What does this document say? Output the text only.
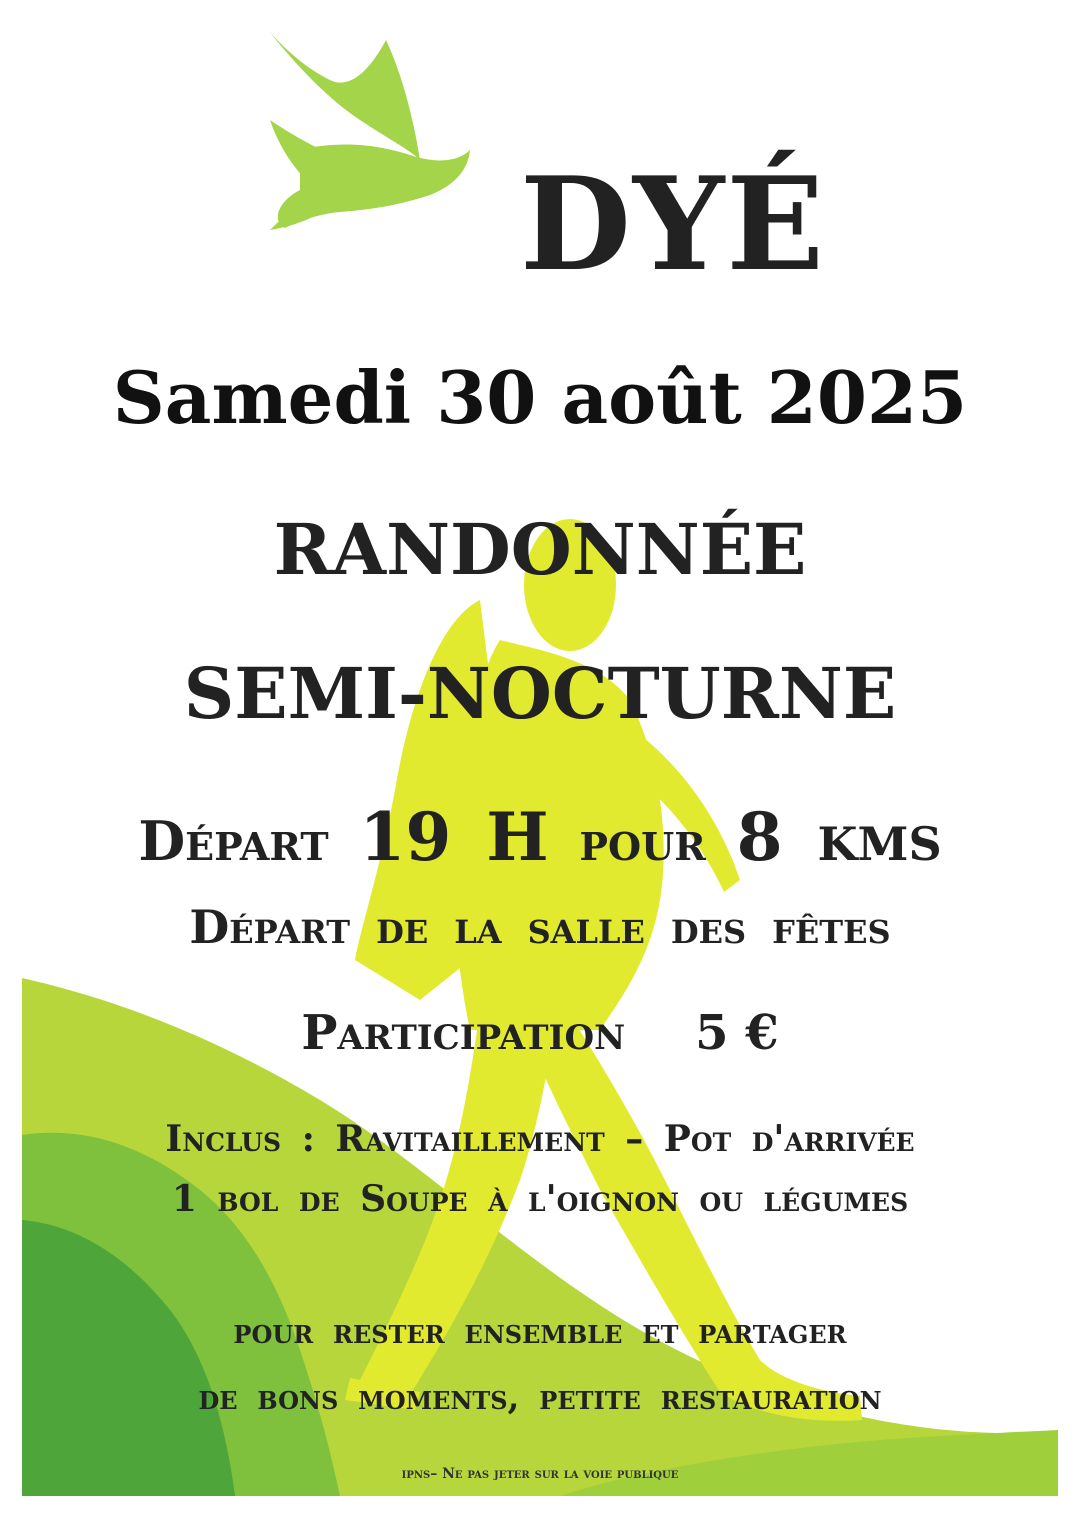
DYÉ
Samedi 30 août 2025
RANDONNÉE
SEMI-NOCTURNE
Départ 19 H pour 8 kms
Départ de la salle des fêtes
Participation 5 €
Inclus : Ravitaillement – Pot d'arrivée
1 bol de Soupe à l'oignon ou légumes
pour rester ensemble et partager
de bons moments, petite restauration
ipns– Ne pas jeter sur la voie publique
